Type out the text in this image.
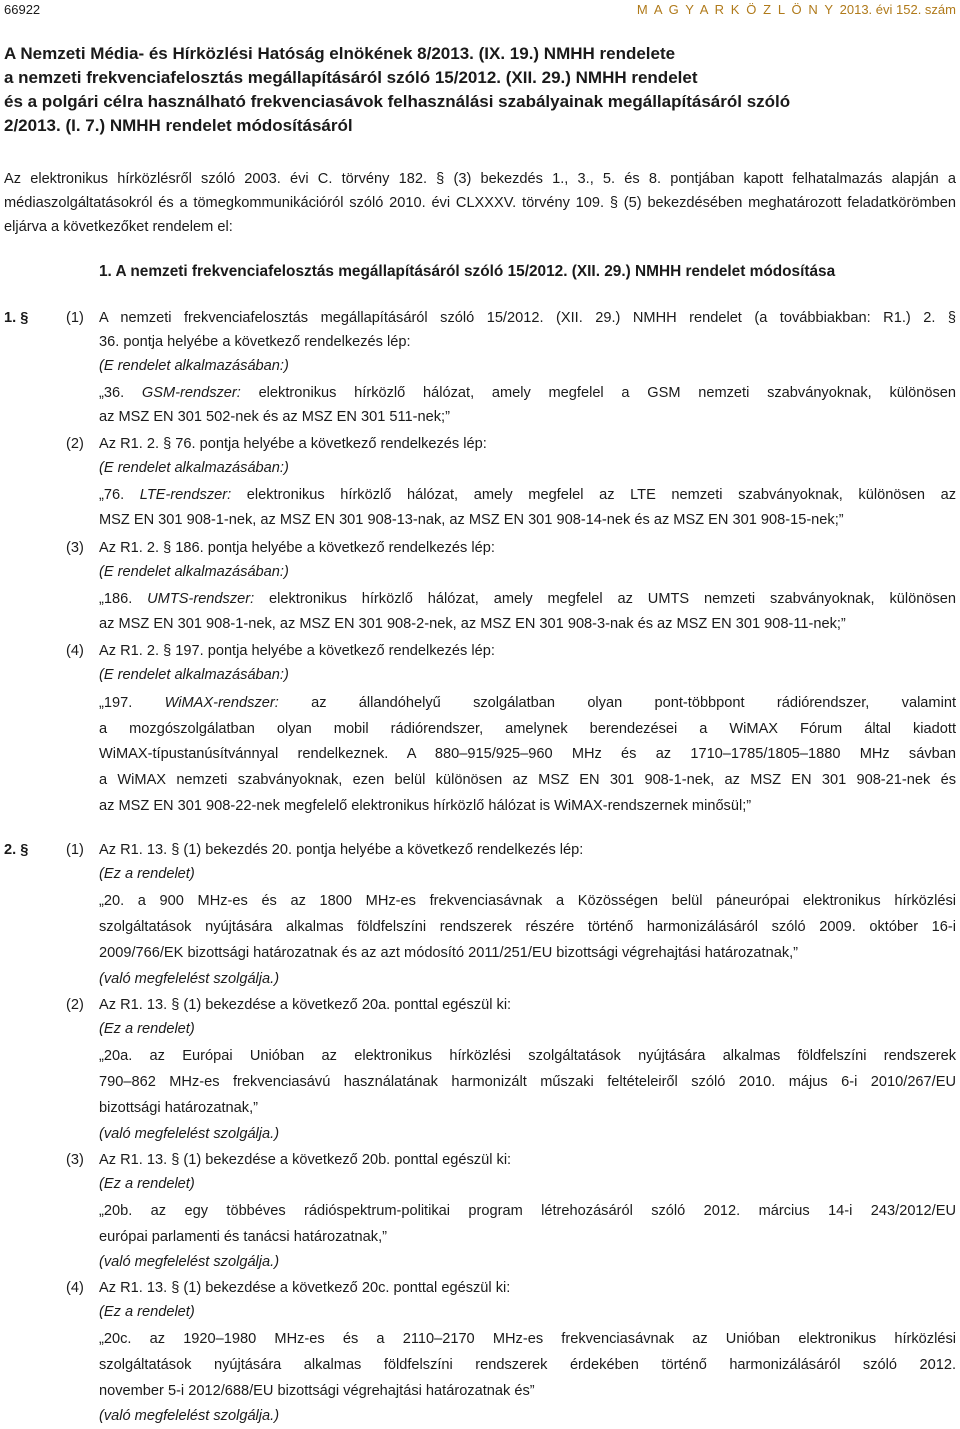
66922	M A G Y A R K Ö Z L Ö N Y 2013. évi 152. szám
A Nemzeti Média- és Hírközlési Hatóság elnökének 8/2013. (IX. 19.) NMHH rendelete
a nemzeti frekvenciafelosztás megállapításáról szóló 15/2012. (XII. 29.) NMHH rendelet
és a polgári célra használható frekvenciasávok felhasználási szabályainak megállapításáról szóló
2/2013. (I. 7.) NMHH rendelet módosításáról

Az elektronikus hírközlésről szóló 2003. évi C. törvény 182. § (3) bekezdés 1., 3., 5. és 8. pontjában kapott felhatalmazás alapján a médiaszolgáltatásokról és a tömegkommunikációról szóló 2010. évi CLXXXV. törvény 109. § (5) bekezdésében meghatározott feladatkörömben eljárva a következőket rendelem el:

1. A nemzeti frekvenciafelosztás megállapításáról szóló 15/2012. (XII. 29.) NMHH rendelet módosítása
1. §	(1) A nemzeti frekvenciafelosztás megállapításáról szóló 15/2012. (XII. 29.) NMHH rendelet (a továbbiakban: R1.) 2. §
36. pontja helyébe a következő rendelkezés lép:
(E rendelet alkalmazásában:)
„36. GSM-rendszer: elektronikus hírközlő hálózat, amely megfelel a GSM nemzeti szabványoknak, különösen
az MSZ EN 301 502-nek és az MSZ EN 301 511-nek;”
(2) Az R1. 2. § 76. pontja helyébe a következő rendelkezés lép:
(E rendelet alkalmazásában:)
„76. LTE-rendszer: elektronikus hírközlő hálózat, amely megfelel az LTE nemzeti szabványoknak, különösen az
MSZ EN 301 908-1-nek, az MSZ EN 301 908-13-nak, az MSZ EN 301 908-14-nek és az MSZ EN 301 908-15-nek;”
(3) Az R1. 2. § 186. pontja helyébe a következő rendelkezés lép:
(E rendelet alkalmazásában:)
„186. UMTS-rendszer: elektronikus hírközlő hálózat, amely megfelel az UMTS nemzeti szabványoknak, különösen
az MSZ EN 301 908-1-nek, az MSZ EN 301 908-2-nek, az MSZ EN 301 908-3-nak és az MSZ EN 301 908-11-nek;”
(4) Az R1. 2. § 197. pontja helyébe a következő rendelkezés lép:
(E rendelet alkalmazásában:)
„197. WiMAX-rendszer: az állandóhelyű szolgálatban olyan pont-többpont rádiórendszer, valamint
a mozgószolgálatban olyan mobil rádiórendszer, amelynek berendezései a WiMAX Fórum által kiadott
WiMAX-típustanúsítvánnyal rendelkeznek. A 880–915/925–960 MHz és az 1710–1785/1805–1880 MHz sávban
a WiMAX nemzeti szabványoknak, ezen belül különösen az MSZ EN 301 908-1-nek, az MSZ EN 301 908-21-nek és
az MSZ EN 301 908-22-nek megfelelő elektronikus hírközlő hálózat is WiMAX-rendszernek minősül;”
2. §	(1) Az R1. 13. § (1) bekezdés 20. pontja helyébe a következő rendelkezés lép:
(Ez a rendelet)
„20. a 900 MHz-es és az 1800 MHz-es frekvenciasávnak a Közösségen belül páneurópai elektronikus hírközlési
szolgáltatások nyújtására alkalmas földfelszíni rendszerek részére történő harmonizálásáról szóló 2009. október 16-i
2009/766/EK bizottsági határozatnak és az azt módosító 2011/251/EU bizottsági végrehajtási határozatnak,”
(való megfelelést szolgálja.)
(2) Az R1. 13. § (1) bekezdése a következő 20a. ponttal egészül ki:
(Ez a rendelet)
„20a. az Európai Unióban az elektronikus hírközlési szolgáltatások nyújtására alkalmas földfelszíni rendszerek
790–862 MHz-es frekvenciasávú használatának harmonizált műszaki feltételeiről szóló 2010. május 6-i 2010/267/EU
bizottsági határozatnak,”
(való megfelelést szolgálja.)
(3) Az R1. 13. § (1) bekezdése a következő 20b. ponttal egészül ki:
(Ez a rendelet)
„20b. az egy többéves rádióspektrum-politikai program létrehozásáról szóló 2012. március 14-i 243/2012/EU
európai parlamenti és tanácsi határozatnak,”
(való megfelelést szolgálja.)
(4) Az R1. 13. § (1) bekezdése a következő 20c. ponttal egészül ki:
(Ez a rendelet)
„20c. az 1920–1980 MHz-es és a 2110–2170 MHz-es frekvenciasávnak az Unióban elektronikus hírközlési
szolgáltatások nyújtására alkalmas földfelszíni rendszerek érdekében történő harmonizálásáról szóló 2012.
november 5-i 2012/688/EU bizottsági végrehajtási határozatnak és”
(való megfelelést szolgálja.)
